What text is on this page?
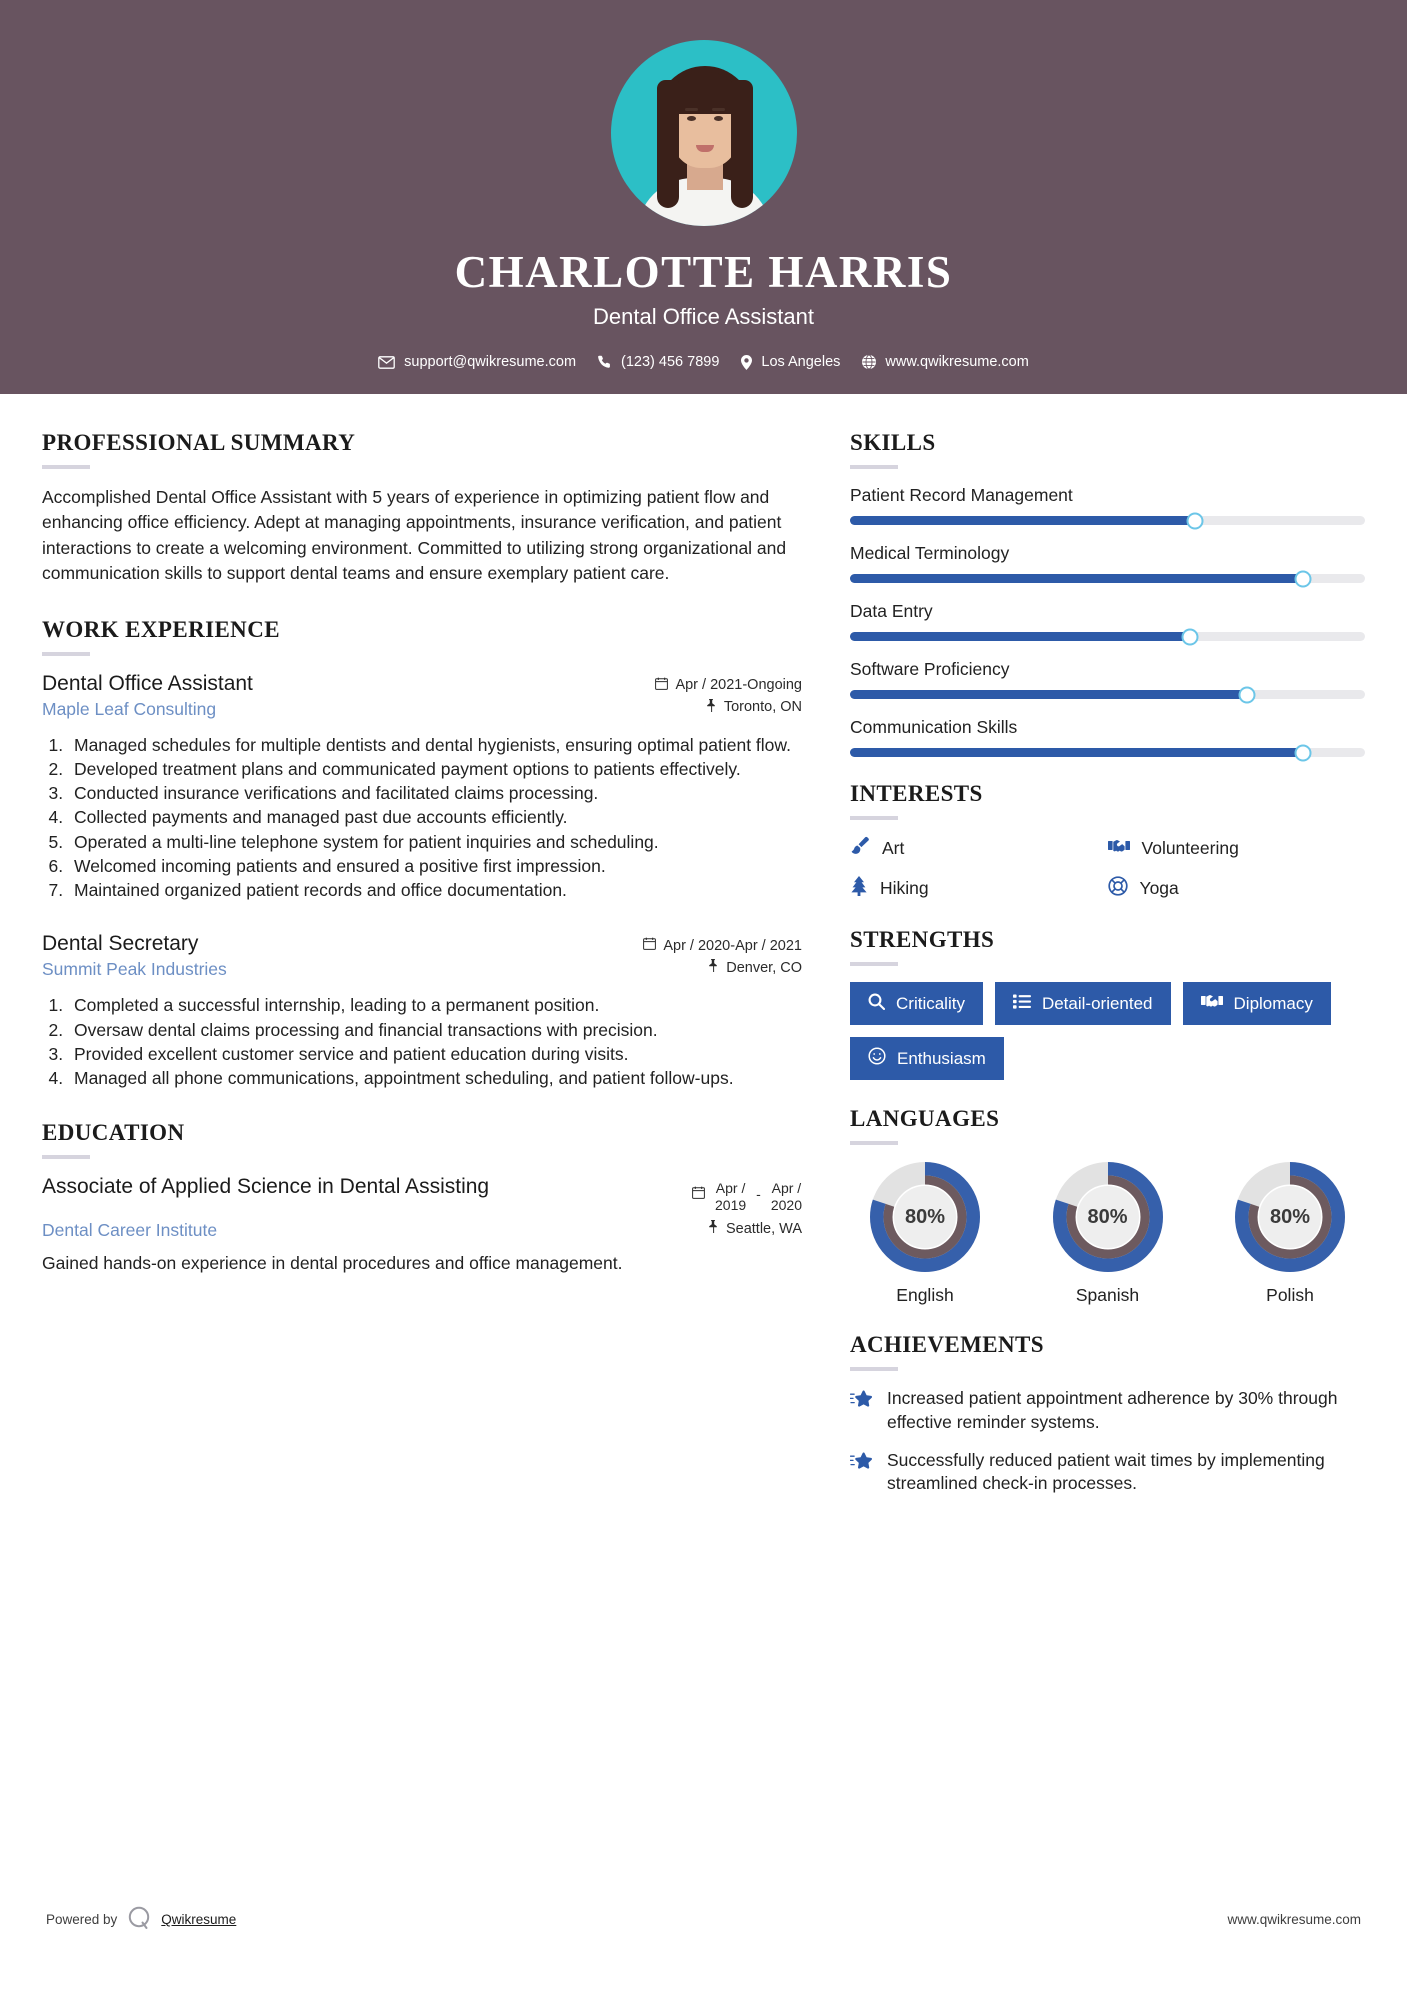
CHARLOTTE HARRIS
Dental Office Assistant
support@qwikresume.com	(123) 456 7899	Los Angeles	www.qwikresume.com
PROFESSIONAL SUMMARY
Accomplished Dental Office Assistant with 5 years of experience in optimizing patient flow and enhancing office efficiency. Adept at managing appointments, insurance verification, and patient interactions to create a welcoming environment. Committed to utilizing strong organizational and communication skills to support dental teams and ensure exemplary patient care.
WORK EXPERIENCE
Dental Office Assistant	Apr / 2021-Ongoing
Maple Leaf Consulting	Toronto, ON
1. Managed schedules for multiple dentists and dental hygienists, ensuring optimal patient flow.
2. Developed treatment plans and communicated payment options to patients effectively.
3. Conducted insurance verifications and facilitated claims processing.
4. Collected payments and managed past due accounts efficiently.
5. Operated a multi-line telephone system for patient inquiries and scheduling.
6. Welcomed incoming patients and ensured a positive first impression.
7. Maintained organized patient records and office documentation.
Dental Secretary	Apr / 2020-Apr / 2021
Summit Peak Industries	Denver, CO
1. Completed a successful internship, leading to a permanent position.
2. Oversaw dental claims processing and financial transactions with precision.
3. Provided excellent customer service and patient education during visits.
4. Managed all phone communications, appointment scheduling, and patient follow-ups.
EDUCATION
Associate of Applied Science in Dental Assisting	Apr /
2019
- Apr /
2020
Dental Career Institute	Seattle, WA
Gained hands-on experience in dental procedures and office management.
SKILLS
Patient Record Management
Medical Terminology
Data Entry
Software Proficiency
Communication Skills
INTERESTS
Art	Volunteering
Hiking	Yoga
STRENGTHS
Criticality	Detail-oriented	Diplomacy
Enthusiasm
LANGUAGES
80%
English
80%
Spanish
80%
Polish
ACHIEVEMENTS
Increased patient appointment adherence by 30% through effective reminder systems.
Successfully reduced patient wait times by implementing streamlined check-in processes.
Powered by	Qwikresume	www.qwikresume.com
